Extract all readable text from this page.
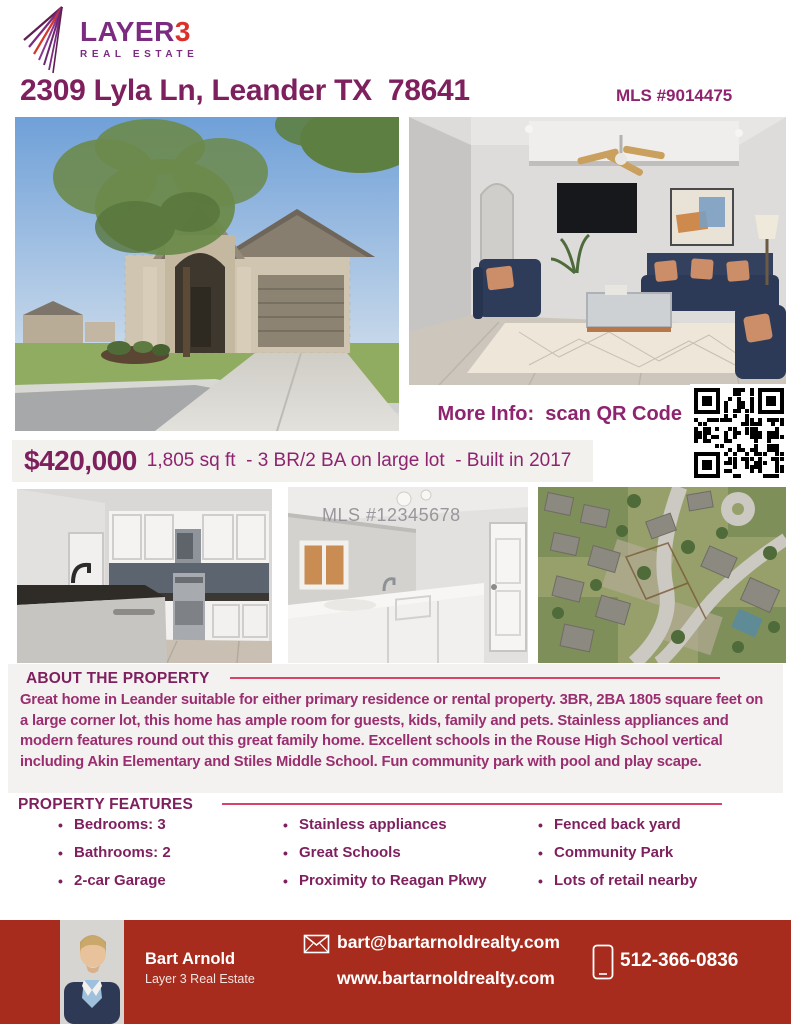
LAYER3
REAL ESTATE
2309 Lyla Ln, Leander TX  78641	MLS #9014475
More Info:  scan QR Code
$420,000 1,805 sq ft  - 3 BR/2 BA on large lot  - Built in 2017
MLS #12345678
ABOUT THE PROPERTY
Great home in Leander suitable for either primary residence or rental property. 3BR, 2BA 1805 square feet on a large corner lot, this home has ample room for guests, kids, family and pets. Stainless appliances and modern features round out this great family home. Excellent schools in the Rouse High School vertical including Akin Elementary and Stiles Middle School. Fun community park with pool and play scape.
PROPERTY FEATURES
• Bedrooms: 3
• Bathrooms: 2
• 2-car Garage
• Stainless appliances
• Great Schools
• Proximity to Reagan Pkwy
• Fenced back yard
• Community Park
• Lots of retail nearby
Bart Arnold
Layer 3 Real Estate
bart@bartarnoldrealty.com
www.bartarnoldrealty.com
512-366-0836
